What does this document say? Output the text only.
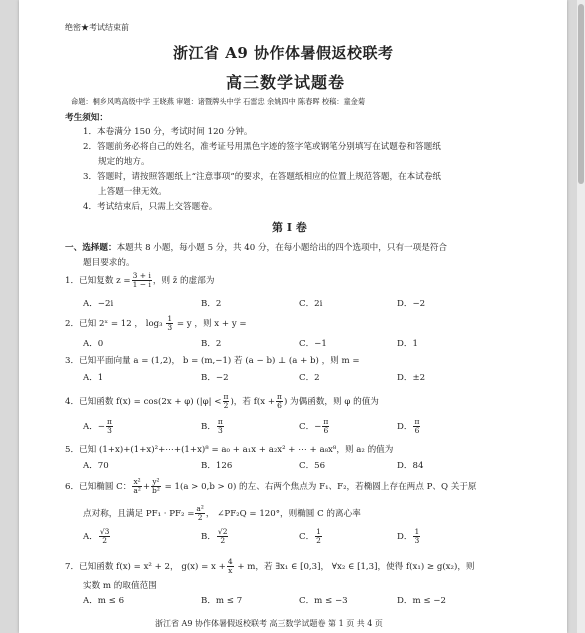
绝密★考试结束前
浙江省 A9 协作体暑假返校联考
高三数学试题卷
命题：桐乡风鸣高级中学 王晓燕 审题：诸暨牌头中学 石雷忠 余姚四中 陈春晖 校稿：童金菊
考生须知：
1．本卷满分 150 分，考试时间 120 分钟。
2．答题前务必将自己的姓名，准考证号用黑色字迹的签字笔或钢笔分别填写在试题卷和答题纸
规定的地方。
3．答题时，请按照答题纸上“注意事项”的要求，在答题纸相应的位置上规范答题，在本试卷纸
上答题一律无效。
4．考试结束后，只需上交答题卷。
第 I 卷
一、选择题：本题共 8 小题，每小题 5 分，共 40 分，在每小题给出的四个选项中，只有一项是符合
题目要求的。
1．已知复数 $z = \frac{3 + i}{1 - i}$ ，则 z̄ 的虚部为
A．−2i	B．2	C．2i	D．−2
2．已知 2ˣ = 12 ， $\log_3 \frac{1}{3} = y$ ，则 x + y =
A．0	B．2	C．−1	D．1
3．已知平面向量 a = (1,2)， b = (m,−1) 若 (a − b) ⊥ (a + b) ，则 m =
A．1	B．−2	C．2	D．±2
4．已知函数 f(x) = cos(2x + φ) ($|\varphi| < \frac{\pi}{2}$ )，若 $f(x + \frac{\pi}{6}$ ) 为偶函数，则 φ 的值为
A．− $\frac{\pi}{3}$	B． $\frac{\pi}{3}$	C．− $\frac{\pi}{6}$	D． $\frac{\pi}{6}$
5．已知 (1+x)+(1+x)²+⋯+(1+x)⁸ = a₀ + a₁x + a₂x² + ⋯ + a₈x⁸，则 a₂ 的值为
A．70	B．126	C．56	D．84
6．已知椭圆 C： $\frac{\text{x²}}{\text{a²}} + \frac{\text{y²}}{\text{b²}} = 1(a > 0,b > 0)$ 的左、右两个焦点为 F₁、F₂，若椭圆上存在两点 P、Q 关于原
点对称，且满足 $PF_1 \cdot PF_2 = \frac{\text{a²}}{2}$ ， ∠PF₂Q = 120°，则椭圆 C 的离心率
A． $\frac{√3}{2}$	B． $\frac{√2}{2}$	C． $\frac{1}{2}$	D． $\frac{1}{3}$
7．已知函数 f(x) = x² + 2， $g(x) = x + \frac{4}{x} + m$，若 ∃x₁ ∈ [0,3]， ∀x₂ ∈ [1,3]，使得 f(x₁) ≥ g(x₂)，则
实数 m 的取值范围
A．m ≤ 6	B．m ≤ 7	C．m ≤ −3	D．m ≤ −2
浙江省 A9 协作体暑假返校联考 高三数学试题卷 第 1 页 共 4 页
